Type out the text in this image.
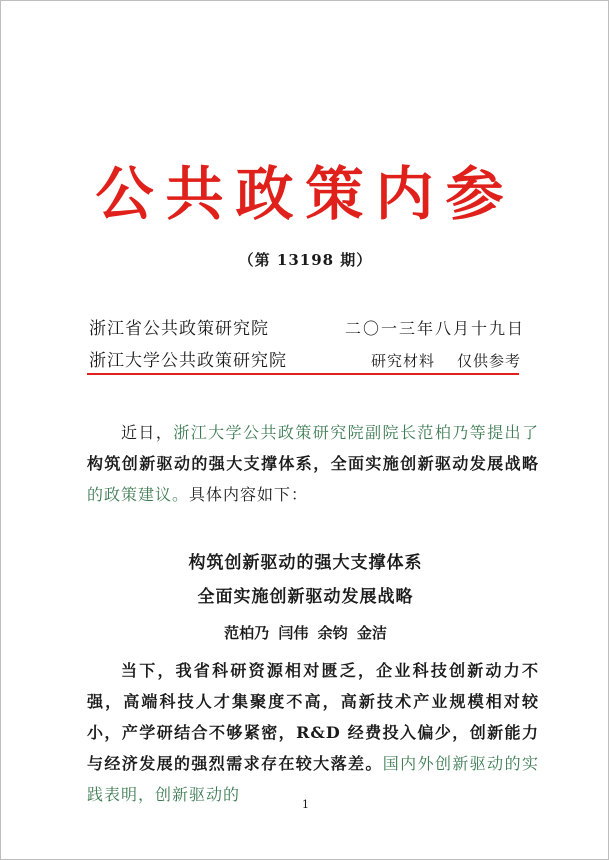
公共政策内参
（第 13198 期）
浙江省公共政策研究院	二〇一三年八月十九日
浙江大学公共政策研究院	研究材料 仅供参考
近日，浙江大学公共政策研究院副院长范柏乃等提出了构筑创新驱动的强大支撑体系，全面实施创新驱动发展战略的政策建议。具体内容如下：
构筑创新驱动的强大支撑体系
全面实施创新驱动发展战略
范柏乃 闫伟 余钧 金洁
当下，我省科研资源相对匮乏，企业科技创新动力不强，高端科技人才集聚度不高，高新技术产业规模相对较小，产学研结合不够紧密，R&D 经费投入偏少，创新能力与经济发展的强烈需求存在较大落差。国内外创新驱动的实践表明，创新驱动的
1
